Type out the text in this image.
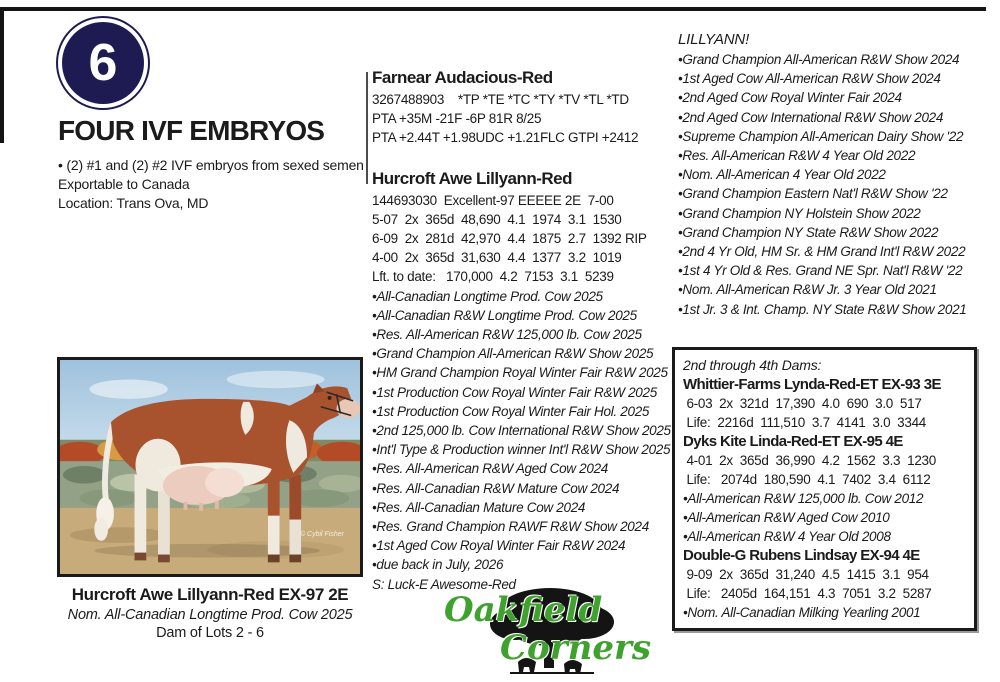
6
FOUR IVF EMBRYOS
• (2) #1 and (2) #2 IVF embryos from sexed semen
Exportable to Canada
Location: Trans Ova, MD
© Cybil Fisher
Hurcroft Awe Lillyann-Red EX-97 2E
Nom. All-Canadian Longtime Prod. Cow 2025
Dam of Lots 2 - 6
Farnear Audacious-Red
3267488903    *TP *TE *TC *TY *TV *TL *TD
PTA +35M -21F -6P 81R 8/25
PTA +2.44T +1.98UDC +1.21FLC GTPI +2412
Hurcroft Awe Lillyann-Red
144693030  Excellent-97 EEEEE 2E  7-00
5-07  2x  365d  48,690  4.1  1974  3.1  1530
6-09  2x  281d  42,970  4.4  1875  2.7  1392 RIP
4-00  2x  365d  31,630  4.4  1377  3.2  1019
Lft. to date:   170,000  4.2  7153  3.1  5239
•All-Canadian Longtime Prod. Cow 2025
•All-Canadian R&W Longtime Prod. Cow 2025
•Res. All-American R&W 125,000 lb. Cow 2025
•Grand Champion All-American R&W Show 2025
•HM Grand Champion Royal Winter Fair R&W 2025
•1st Production Cow Royal Winter Fair R&W 2025
•1st Production Cow Royal Winter Fair Hol. 2025
•2nd 125,000 lb. Cow International R&W Show 2025
•Int'l Type & Production winner Int'l R&W Show 2025
•Res. All-American R&W Aged Cow 2024
•Res. All-Canadian R&W Mature Cow 2024
•Res. All-Canadian Mature Cow 2024
•Res. Grand Champion RAWF R&W Show 2024
•1st Aged Cow Royal Winter Fair R&W 2024
•due back in July, 2026
S: Luck-E Awesome-Red
LILLYANN!
•Grand Champion All-American R&W Show 2024
•1st Aged Cow All-American R&W Show 2024
•2nd Aged Cow Royal Winter Fair 2024
•2nd Aged Cow International R&W Show 2024
•Supreme Champion All-American Dairy Show '22
•Res. All-American R&W 4 Year Old 2022
•Nom. All-American 4 Year Old 2022
•Grand Champion Eastern Nat'l R&W Show '22
•Grand Champion NY Holstein Show 2022
•Grand Champion NY State R&W Show 2022
•2nd 4 Yr Old, HM Sr. & HM Grand Int'l R&W 2022
•1st 4 Yr Old & Res. Grand NE Spr. Nat'l R&W '22
•Nom. All-American R&W Jr. 3 Year Old 2021
•1st Jr. 3 & Int. Champ. NY State R&W Show 2021
2nd through 4th Dams:
Whittier-Farms Lynda-Red-ET EX-93 3E
6-03  2x  321d  17,390  4.0  690  3.0  517
Life:  2216d  111,510  3.7  4141  3.0  3344
Dyks Kite Linda-Red-ET EX-95 4E
4-01  2x  365d  36,990  4.2  1562  3.3  1230
Life:   2074d  180,590  4.1  7402  3.4  6112
•All-American R&W 125,000 lb. Cow 2012
•All-American R&W Aged Cow 2010
•All-American R&W 4 Year Old 2008
Double-G Rubens Lindsay EX-94 4E
9-09  2x  365d  31,240  4.5  1415  3.1  954
Life:   2405d  164,151  4.3  7051  3.2  5287
•Nom. All-Canadian Milking Yearling 2001
Oakfield
Corners
